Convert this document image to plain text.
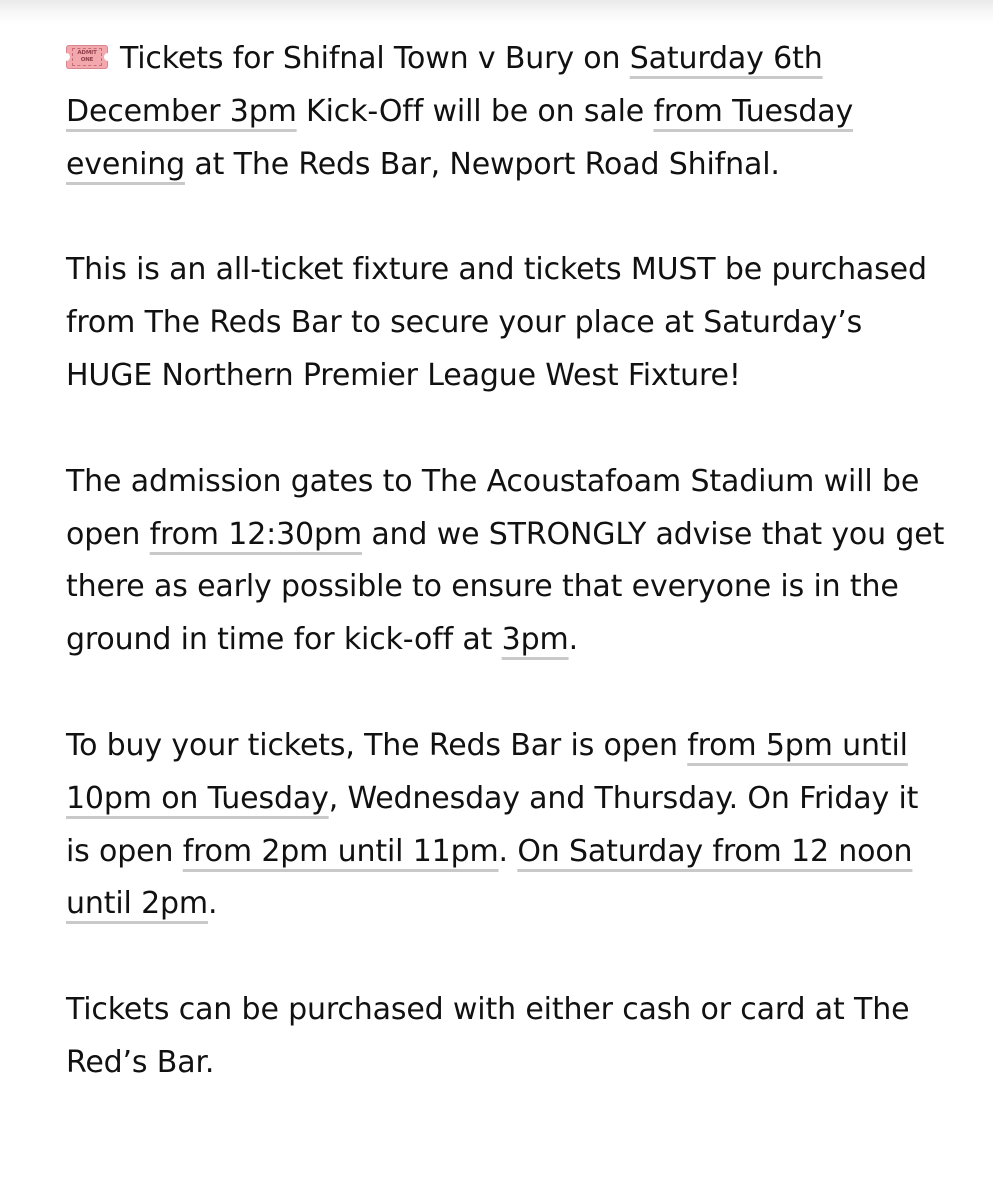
ADMIT ONE Tickets for Shifnal Town v Bury on Saturday 6th December 3pm Kick-Off will be on sale from Tuesday evening at The Reds Bar, Newport Road Shifnal.

This is an all-ticket fixture and tickets MUST be purchased from The Reds Bar to secure your place at Saturday’s HUGE Northern Premier League West Fixture!

The admission gates to The Acoustafoam Stadium will be open from 12:30pm and we STRONGLY advise that you get there as early possible to ensure that everyone is in the ground in time for kick-off at 3pm.

To buy your tickets, The Reds Bar is open from 5pm until 10pm on Tuesday, Wednesday and Thursday. On Friday it is open from 2pm until 11pm. On Saturday from 12 noon until 2pm.

Tickets can be purchased with either cash or card at The Red’s Bar.
